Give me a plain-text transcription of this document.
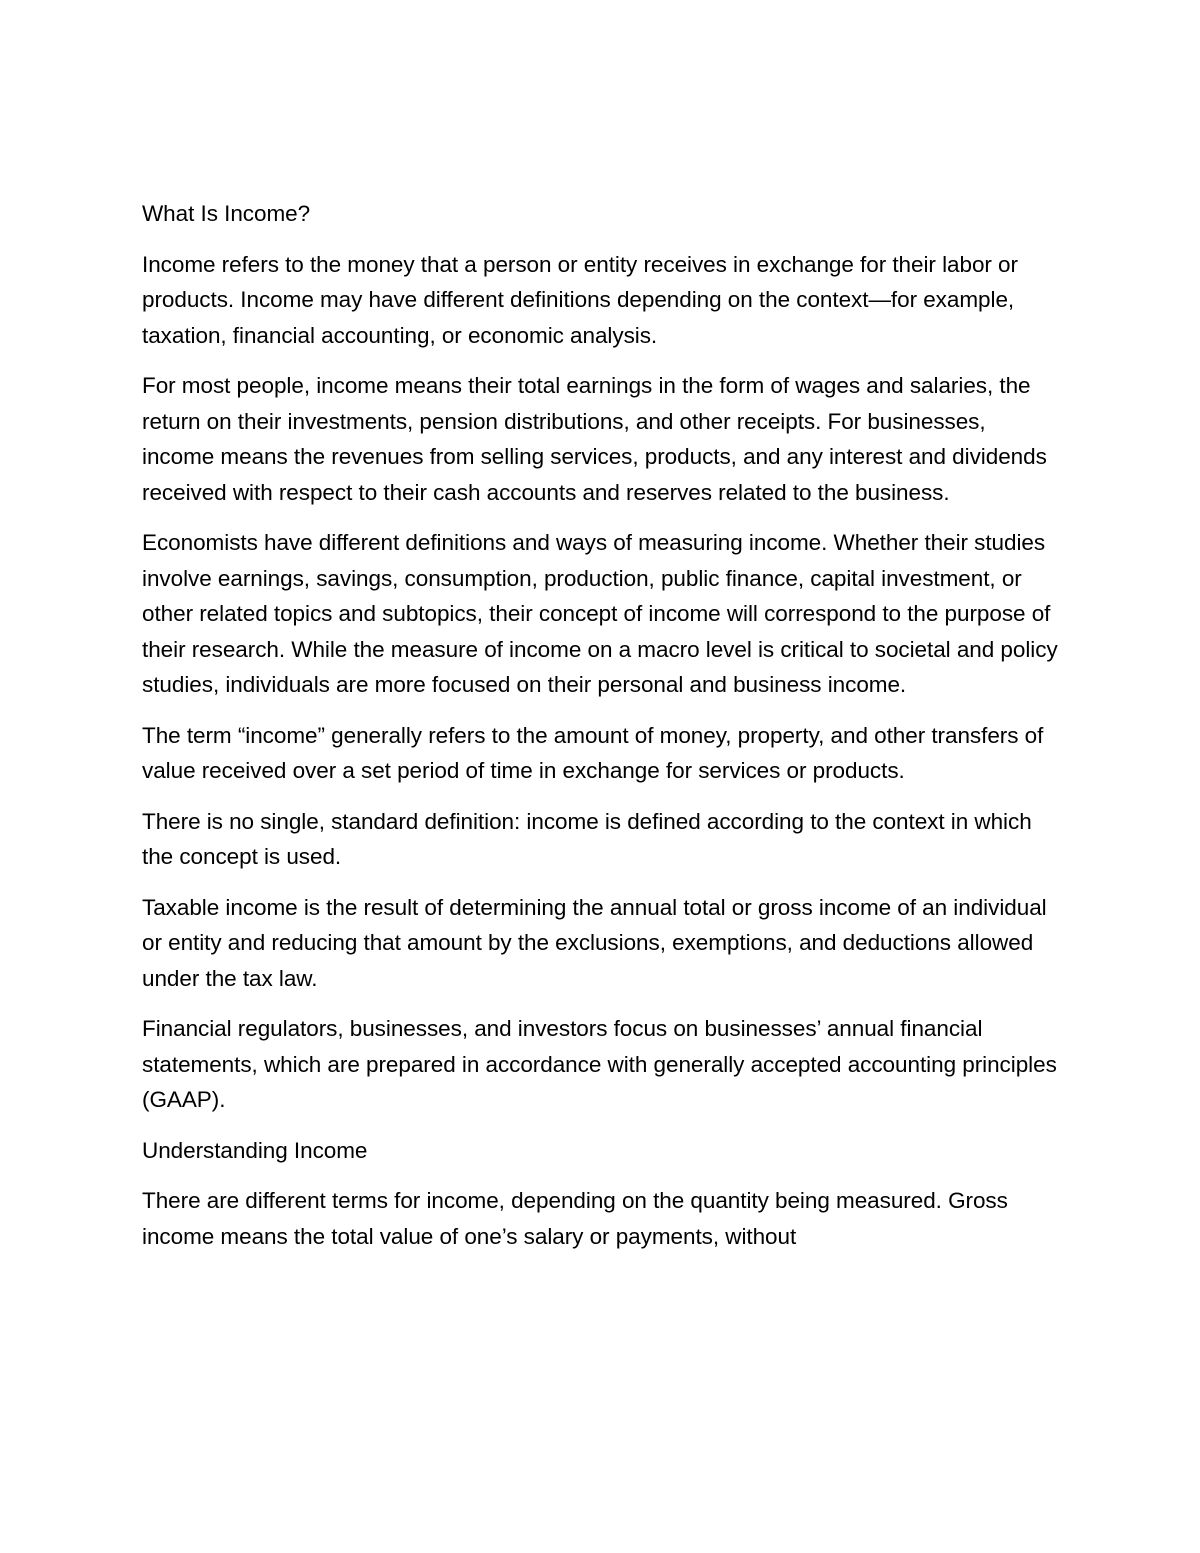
What Is Income?

Income refers to the money that a person or entity receives in exchange for their labor or products. Income may have different definitions depending on the context—for example, taxation, financial accounting, or economic analysis.

For most people, income means their total earnings in the form of wages and salaries, the return on their investments, pension distributions, and other receipts. For businesses, income means the revenues from selling services, products, and any interest and dividends received with respect to their cash accounts and reserves related to the business.

Economists have different definitions and ways of measuring income. Whether their studies involve earnings, savings, consumption, production, public finance, capital investment, or other related topics and subtopics, their concept of income will correspond to the purpose of their research. While the measure of income on a macro level is critical to societal and policy studies, individuals are more focused on their personal and business income.

The term “income” generally refers to the amount of money, property, and other transfers of value received over a set period of time in exchange for services or products.

There is no single, standard definition: income is defined according to the context in which the concept is used.

Taxable income is the result of determining the annual total or gross income of an individual or entity and reducing that amount by the exclusions, exemptions, and deductions allowed under the tax law.

Financial regulators, businesses, and investors focus on businesses’ annual financial statements, which are prepared in accordance with generally accepted accounting principles (GAAP).

Understanding Income

There are different terms for income, depending on the quantity being measured. Gross income means the total value of one’s salary or payments, without
